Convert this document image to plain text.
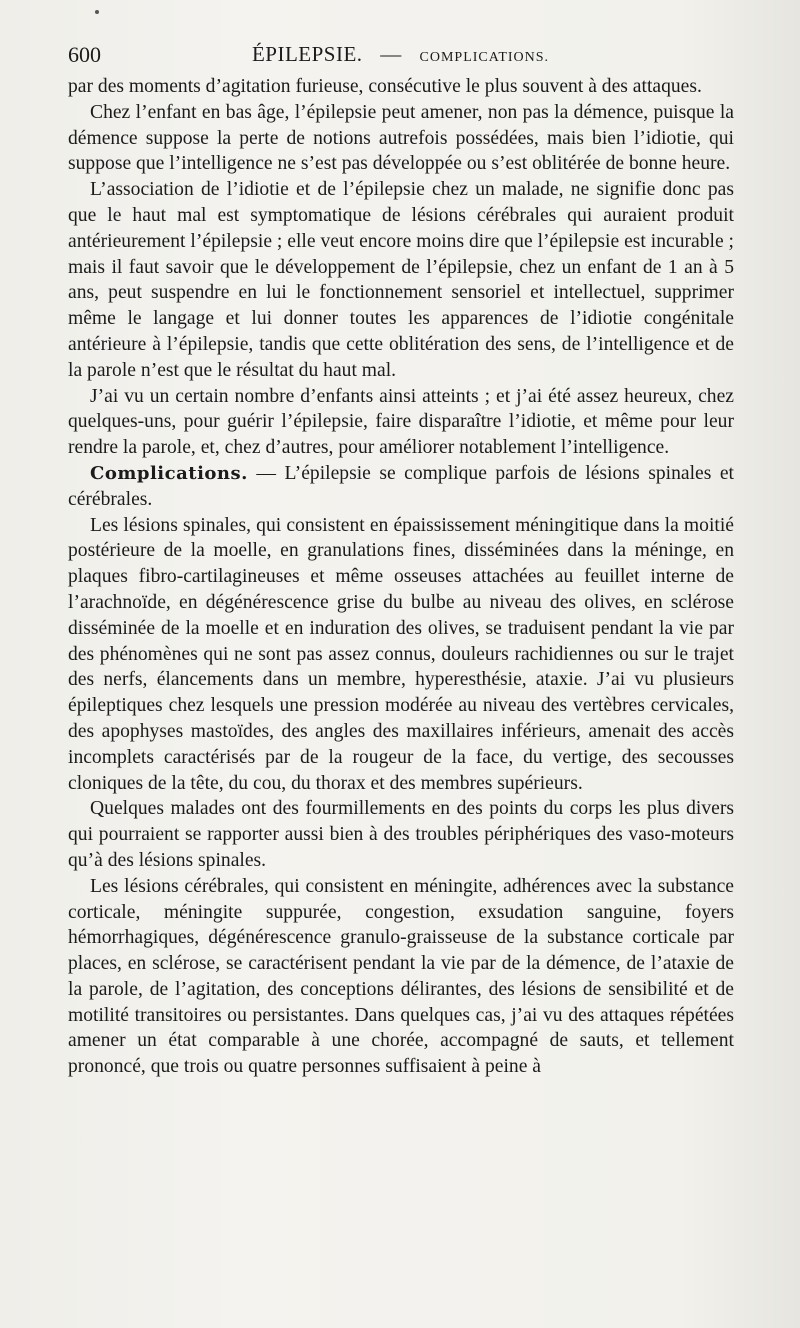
600	ÉPILEPSIE. — COMPLICATIONS.

par des moments d’agitation furieuse, consécutive le plus souvent à des attaques.

Chez l’enfant en bas âge, l’épilepsie peut amener, non pas la démence, puisque la démence suppose la perte de notions autrefois possédées, mais bien l’idiotie, qui suppose que l’intelligence ne s’est pas développée ou s’est oblitérée de bonne heure.

L’association de l’idiotie et de l’épilepsie chez un malade, ne signifie donc pas que le haut mal est symptomatique de lésions cérébrales qui auraient produit antérieurement l’épilepsie ; elle veut encore moins dire que l’épilepsie est incurable ; mais il faut savoir que le développement de l’épilepsie, chez un enfant de 1 an à 5 ans, peut suspendre en lui le fonctionnement sensoriel et intellectuel, supprimer même le langage et lui donner toutes les apparences de l’idiotie congénitale antérieure à l’épilepsie, tandis que cette oblitération des sens, de l’intelligence et de la parole n’est que le résultat du haut mal.

J’ai vu un certain nombre d’enfants ainsi atteints ; et j’ai été assez heureux, chez quelques-uns, pour guérir l’épilepsie, faire disparaître l’idiotie, et même pour leur rendre la parole, et, chez d’autres, pour améliorer notablement l’intelligence.

Complications. — L’épilepsie se complique parfois de lésions spinales et cérébrales.

Les lésions spinales, qui consistent en épaississement méningitique dans la moitié postérieure de la moelle, en granulations fines, disséminées dans la méninge, en plaques fibro-cartilagineuses et même osseuses attachées au feuillet interne de l’arachnoïde, en dégénérescence grise du bulbe au niveau des olives, en sclérose disséminée de la moelle et en induration des olives, se traduisent pendant la vie par des phénomènes qui ne sont pas assez connus, douleurs rachidiennes ou sur le trajet des nerfs, élancements dans un membre, hyperesthésie, ataxie. J’ai vu plusieurs épileptiques chez lesquels une pression modérée au niveau des vertèbres cervicales, des apophyses mastoïdes, des angles des maxillaires inférieurs, amenait des accès incomplets caractérisés par de la rougeur de la face, du vertige, des secousses cloniques de la tête, du cou, du thorax et des membres supérieurs.

Quelques malades ont des fourmillements en des points du corps les plus divers qui pourraient se rapporter aussi bien à des troubles périphériques des vaso-moteurs qu’à des lésions spinales.

Les lésions cérébrales, qui consistent en méningite, adhérences avec la substance corticale, méningite suppurée, congestion, exsudation sanguine, foyers hémorrhagiques, dégénérescence granulo-graisseuse de la substance corticale par places, en sclérose, se caractérisent pendant la vie par de la démence, de l’ataxie de la parole, de l’agitation, des conceptions délirantes, des lésions de sensibilité et de motilité transitoires ou persistantes. Dans quelques cas, j’ai vu des attaques répétées amener un état comparable à une chorée, accompagné de sauts, et tellement prononcé, que trois ou quatre personnes suffisaient à peine à
